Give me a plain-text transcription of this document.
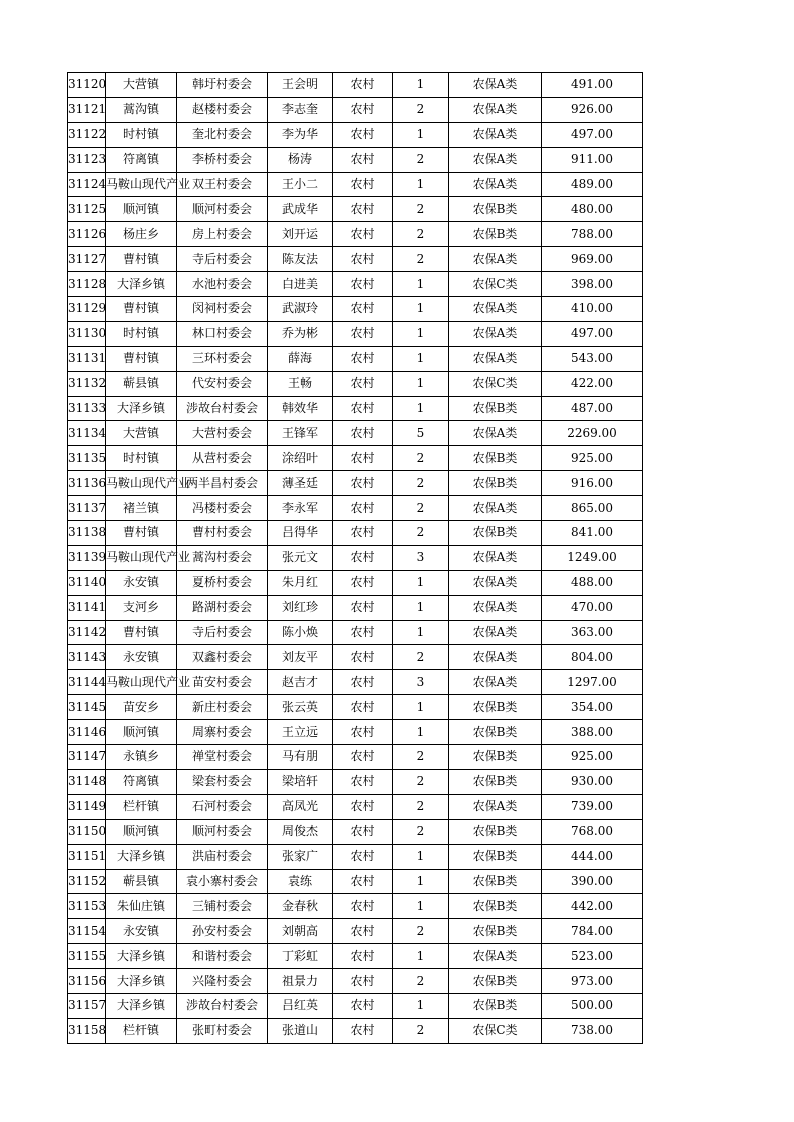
31120	大营镇	韩圩村委会	王会明	农村	1	农保A类	491.00
31121	蒿沟镇	赵楼村委会	李志奎	农村	2	农保A类	926.00
31122	时村镇	奎北村委会	李为华	农村	1	农保A类	497.00
31123	符离镇	李桥村委会	杨涛	农村	2	农保A类	911.00
31124	马鞍山现代产业	双王村委会	王小二	农村	1	农保A类	489.00
31125	顺河镇	顺河村委会	武成华	农村	2	农保B类	480.00
31126	杨庄乡	房上村委会	刘开运	农村	2	农保B类	788.00
31127	曹村镇	寺后村委会	陈友法	农村	2	农保A类	969.00
31128	大泽乡镇	水池村委会	白进美	农村	1	农保C类	398.00
31129	曹村镇	闵祠村委会	武淑玲	农村	1	农保A类	410.00
31130	时村镇	林口村委会	乔为彬	农村	1	农保A类	497.00
31131	曹村镇	三环村委会	薛海	农村	1	农保A类	543.00
31132	蕲县镇	代安村委会	王畅	农村	1	农保C类	422.00
31133	大泽乡镇	涉故台村委会	韩效华	农村	1	农保B类	487.00
31134	大营镇	大营村委会	王锋军	农村	5	农保A类	2269.00
31135	时村镇	从营村委会	涂绍叶	农村	2	农保B类	925.00
31136	马鞍山现代产业	两半昌村委会	薄圣廷	农村	2	农保B类	916.00
31137	褚兰镇	冯楼村委会	李永军	农村	2	农保A类	865.00
31138	曹村镇	曹村村委会	吕得华	农村	2	农保B类	841.00
31139	马鞍山现代产业	蒿沟村委会	张元文	农村	3	农保A类	1249.00
31140	永安镇	夏桥村委会	朱月红	农村	1	农保A类	488.00
31141	支河乡	路湖村委会	刘红珍	农村	1	农保A类	470.00
31142	曹村镇	寺后村委会	陈小焕	农村	1	农保A类	363.00
31143	永安镇	双鑫村委会	刘友平	农村	2	农保A类	804.00
31144	马鞍山现代产业	苗安村委会	赵吉才	农村	3	农保A类	1297.00
31145	苗安乡	新庄村委会	张云英	农村	1	农保B类	354.00
31146	顺河镇	周寨村委会	王立远	农村	1	农保B类	388.00
31147	永镇乡	禅堂村委会	马有朋	农村	2	农保B类	925.00
31148	符离镇	梁套村委会	梁培轩	农村	2	农保B类	930.00
31149	栏杆镇	石河村委会	高凤光	农村	2	农保A类	739.00
31150	顺河镇	顺河村委会	周俊杰	农村	2	农保B类	768.00
31151	大泽乡镇	洪庙村委会	张家广	农村	1	农保B类	444.00
31152	蕲县镇	袁小寨村委会	袁练	农村	1	农保B类	390.00
31153	朱仙庄镇	三铺村委会	金春秋	农村	1	农保B类	442.00
31154	永安镇	孙安村委会	刘朝高	农村	2	农保B类	784.00
31155	大泽乡镇	和谐村委会	丁彩虹	农村	1	农保A类	523.00
31156	大泽乡镇	兴隆村委会	祖景力	农村	2	农保B类	973.00
31157	大泽乡镇	涉故台村委会	吕红英	农村	1	农保B类	500.00
31158	栏杆镇	张町村委会	张道山	农村	2	农保C类	738.00
